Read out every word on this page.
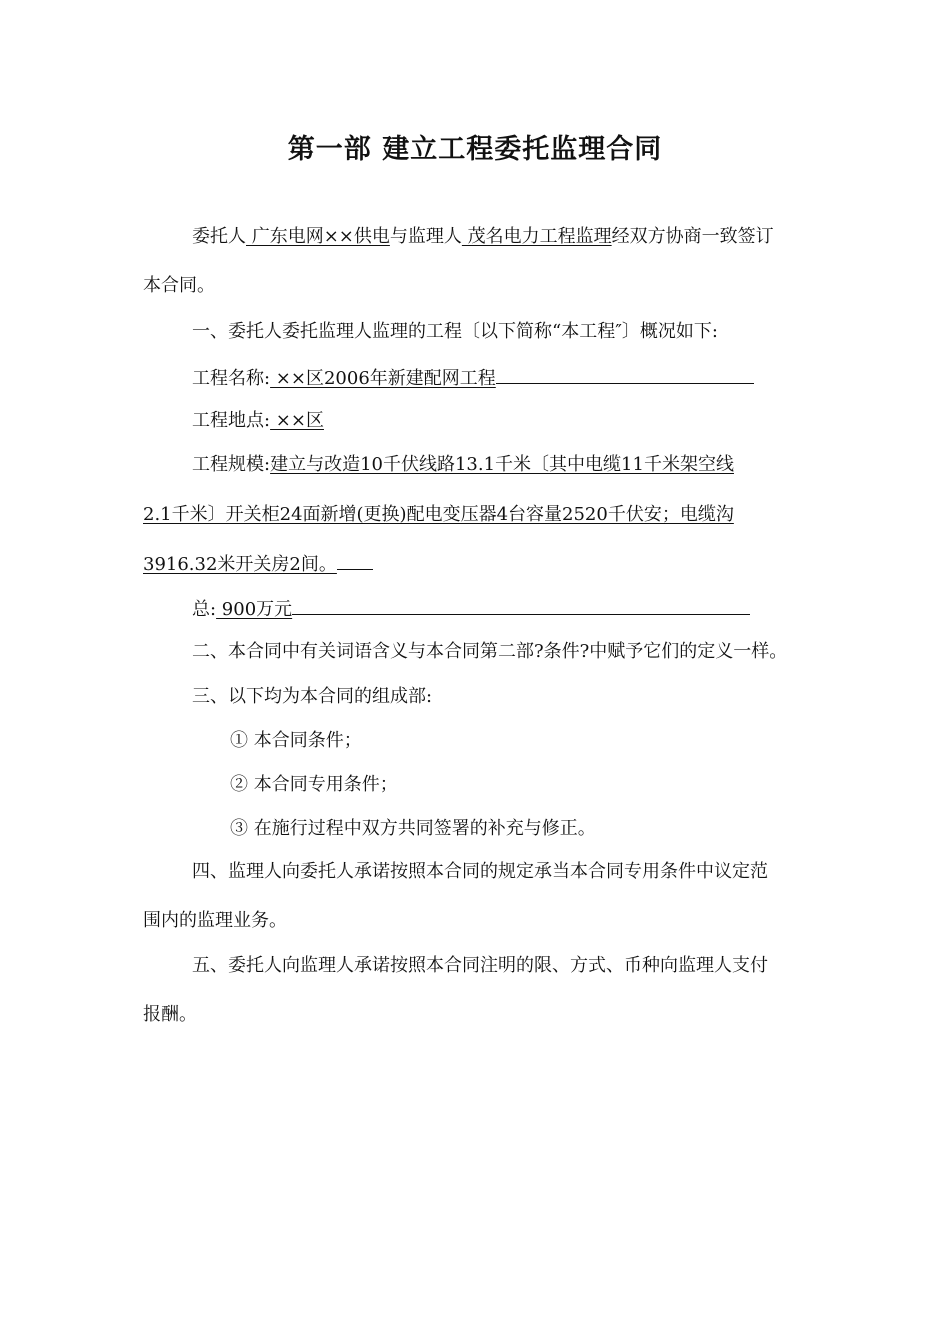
第一部 建立工程委托监理合同
委托人 广东电网××供电与监理人 茂名电力工程监理经双方协商一致签订
本合同。
一、委托人委托监理人监理的工程〔以下简称“本工程″〕概况如下:
工程名称: ××区2006年新建配网工程
工程地点: ××区
工程规模:建立与改造10千伏线路13.1千米〔其中电缆11千米架空线
2.1千米〕开关柜24面新增(更换)配电变压器4台容量2520千伏安；电缆沟
3916.32米开关房2间。
总: 900万元
二、本合同中有关词语含义与本合同第二部?条件?中赋予它们的定义一样。
三、以下均为本合同的组成部:
① 本合同条件；
② 本合同专用条件；
③ 在施行过程中双方共同签署的补充与修正。
四、监理人向委托人承诺按照本合同的规定承当本合同专用条件中议定范
围内的监理业务。
五、委托人向监理人承诺按照本合同注明的限、方式、币种向监理人支付
报酬。
